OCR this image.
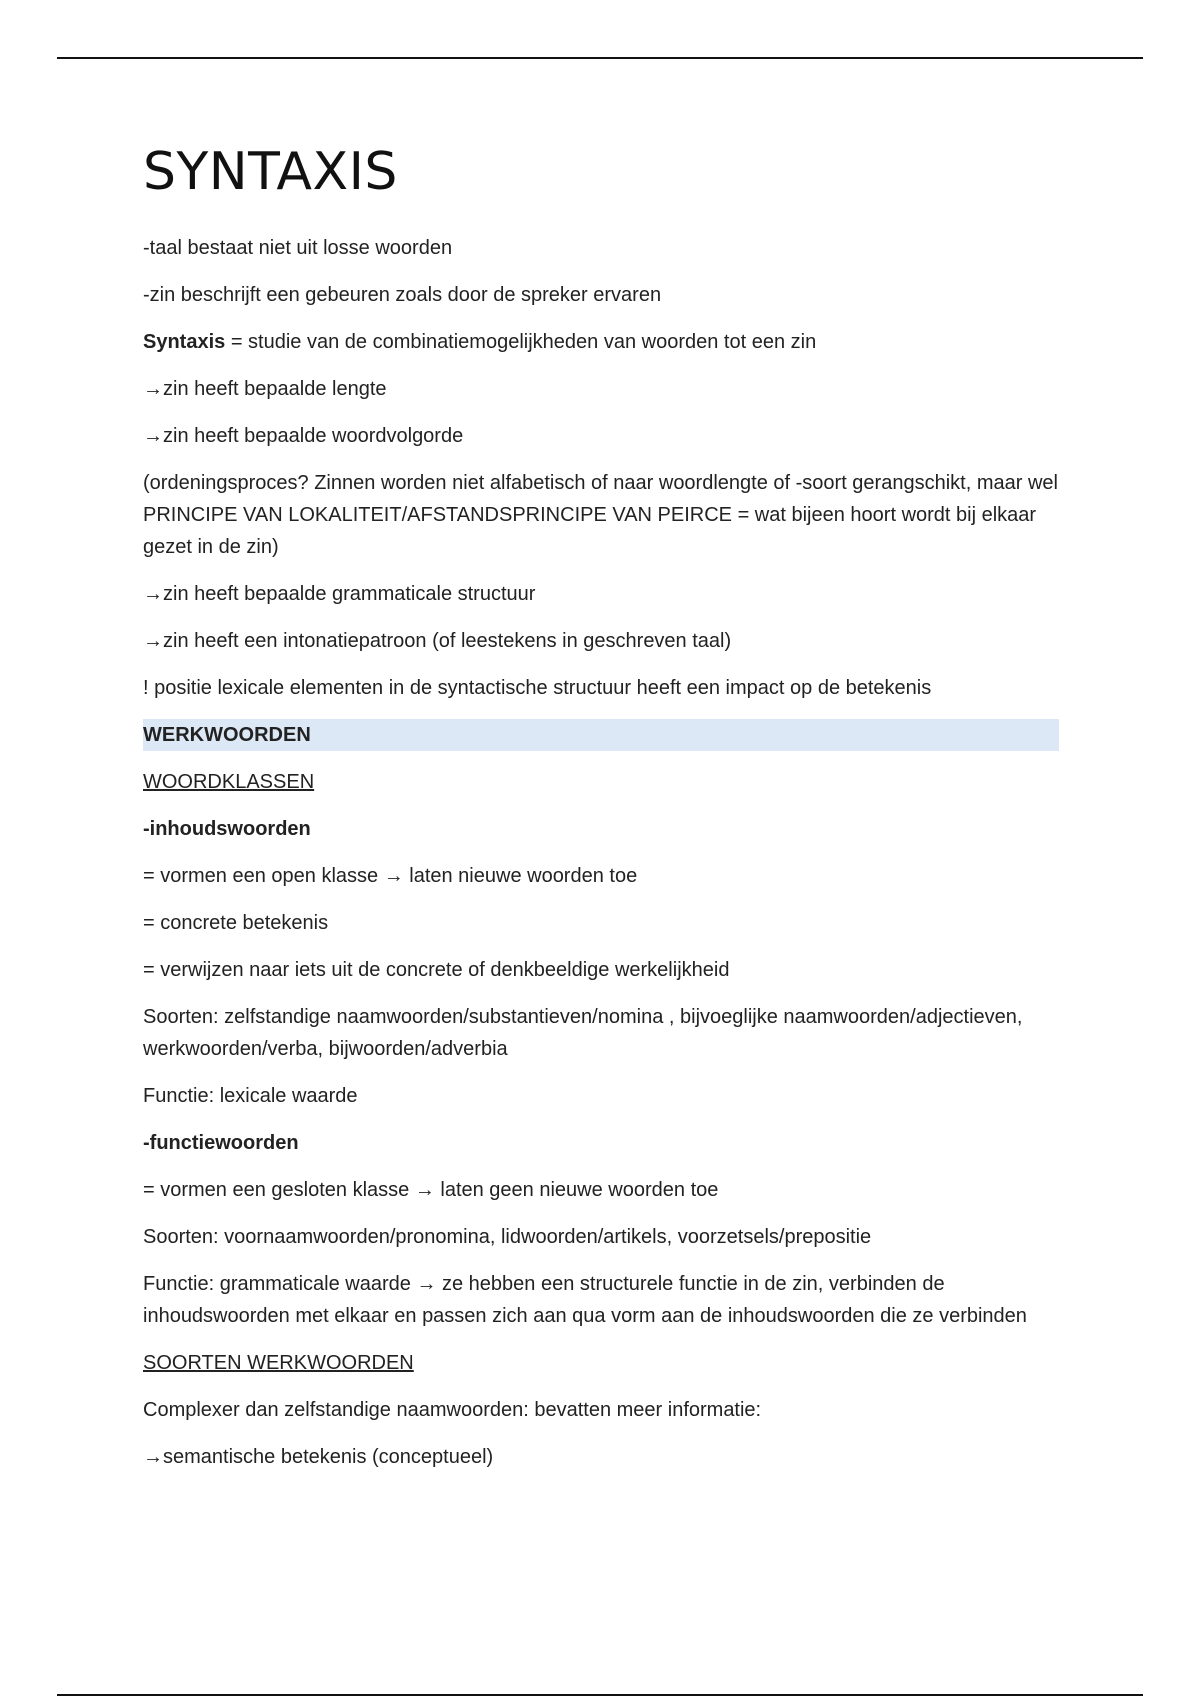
SYNTAXIS

-taal bestaat niet uit losse woorden

-zin beschrijft een gebeuren zoals door de spreker ervaren

Syntaxis = studie van de combinatiemogelijkheden van woorden tot een zin

→zin heeft bepaalde lengte

→zin heeft bepaalde woordvolgorde

(ordeningsproces? Zinnen worden niet alfabetisch of naar woordlengte of -soort gerangschikt, maar wel PRINCIPE VAN LOKALITEIT/AFSTANDSPRINCIPE VAN PEIRCE = wat bijeen hoort wordt bij elkaar gezet in de zin)

→zin heeft bepaalde grammaticale structuur

→zin heeft een intonatiepatroon (of leestekens in geschreven taal)

! positie lexicale elementen in de syntactische structuur heeft een impact op de betekenis

WERKWOORDEN

WOORDKLASSEN

-inhoudswoorden

= vormen een open klasse → laten nieuwe woorden toe

= concrete betekenis

= verwijzen naar iets uit de concrete of denkbeeldige werkelijkheid

Soorten: zelfstandige naamwoorden/substantieven/nomina , bijvoeglijke naamwoorden/adjectieven, werkwoorden/verba, bijwoorden/adverbia

Functie: lexicale waarde

-functiewoorden

= vormen een gesloten klasse → laten geen nieuwe woorden toe

Soorten: voornaamwoorden/pronomina, lidwoorden/artikels, voorzetsels/prepositie

Functie: grammaticale waarde → ze hebben een structurele functie in de zin, verbinden de inhoudswoorden met elkaar en passen zich aan qua vorm aan de inhoudswoorden die ze verbinden

SOORTEN WERKWOORDEN

Complexer dan zelfstandige naamwoorden: bevatten meer informatie:

→semantische betekenis (conceptueel)
